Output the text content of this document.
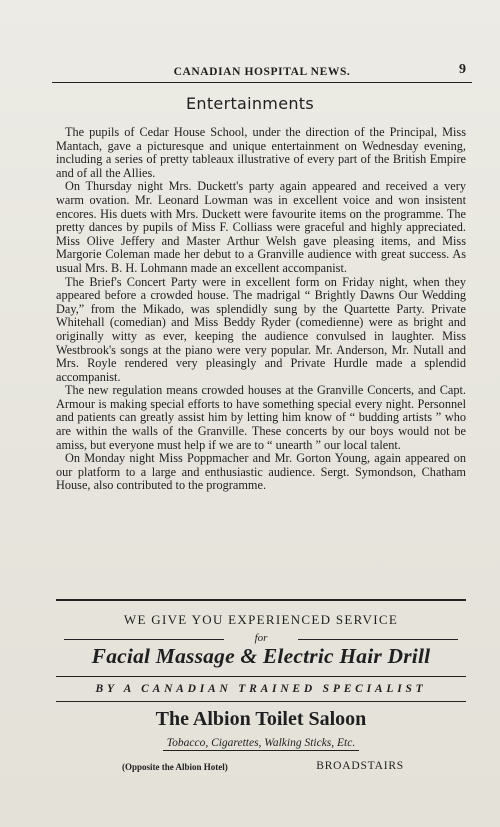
CANADIAN HOSPITAL NEWS.	9
Entertainments

The pupils of Cedar House School, under the direction of the Principal, Miss Mantach, gave a picturesque and unique entertainment on Wednesday evening, including a series of pretty tableaux illustrative of every part of the British Empire and of all the Allies.

On Thursday night Mrs. Duckett's party again appeared and received a very warm ovation. Mr. Leonard Lowman was in excellent voice and won insistent encores. His duets with Mrs. Duckett were favourite items on the programme. The pretty dances by pupils of Miss F. Colliass were graceful and highly appreciated. Miss Olive Jeffery and Master Arthur Welsh gave pleasing items, and Miss Margorie Coleman made her debut to a Granville audience with great success. As usual Mrs. B. H. Lohmann made an excellent accompanist.

The Brief's Concert Party were in excellent form on Friday night, when they appeared before a crowded house. The madrigal “ Brightly Dawns Our Wedding Day,” from the Mikado, was splendidly sung by the Quartette Party. Private Whitehall (comedian) and Miss Beddy Ryder (comedienne) were as bright and originally witty as ever, keeping the audience convulsed in laughter. Miss Westbrook's songs at the piano were very popular. Mr. Anderson, Mr. Nutall and Mrs. Royle rendered very pleasingly and Private Hurdle made a splendid accompanist.

The new regulation means crowded houses at the Granville Concerts, and Capt. Armour is making special efforts to have something special every night. Personnel and patients can greatly assist him by letting him know of “ budding artists ” who are within the walls of the Granville. These concerts by our boys would not be amiss, but everyone must help if we are to “ unearth ” our local talent.

On Monday night Miss Poppmacher and Mr. Gorton Young, again appeared on our platform to a large and enthusiastic audience. Sergt. Symondson, Chatham House, also contributed to the programme.

WE GIVE YOU EXPERIENCED SERVICE
for
Facial Massage & Electric Hair Drill
BY A CANADIAN TRAINED SPECIALIST
The Albion Toilet Saloon
Tobacco, Cigarettes, Walking Sticks, Etc.
(Opposite the Albion Hotel)	BROADSTAIRS
